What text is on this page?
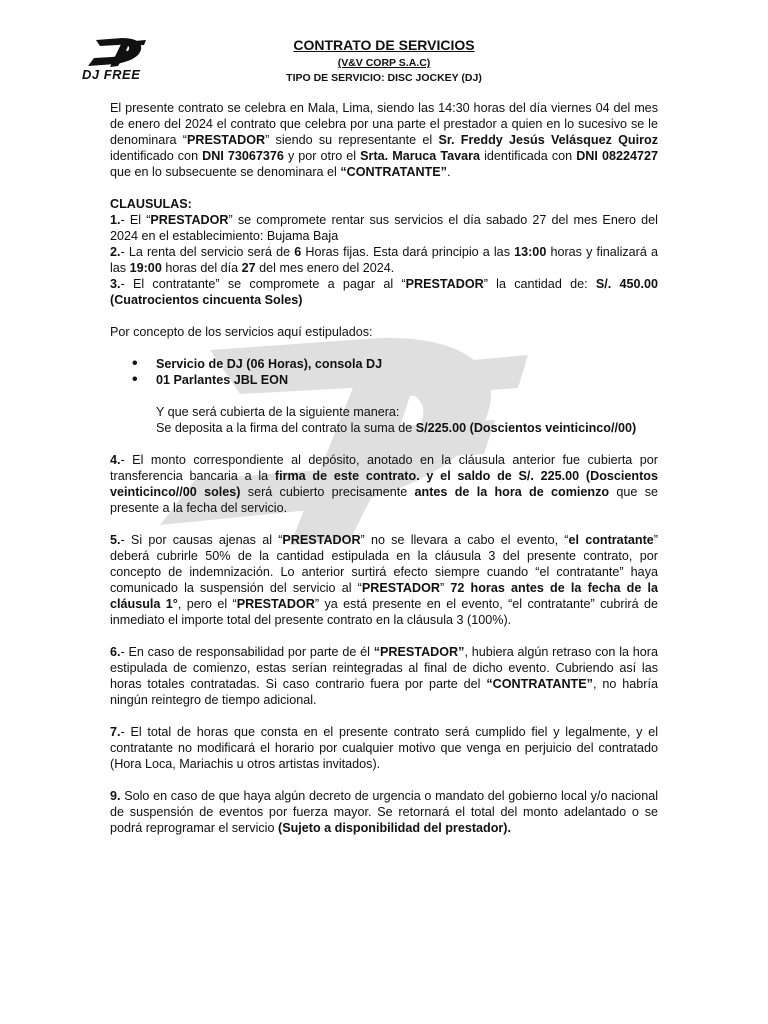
DJ FREE
CONTRATO DE SERVICIOS
(V&V CORP S.A.C)
TIPO DE SERVICIO: DISC JOCKEY (DJ)

El presente contrato se celebra en Mala, Lima, siendo las 14:30 horas del día viernes 04 del mes de enero del 2024 el contrato que celebra por una parte el prestador a quien en lo sucesivo se le denominara “PRESTADOR” siendo su representante el Sr. Freddy Jesús Velásquez Quiroz identificado con DNI 73067376 y por otro el Srta. Maruca Tavara identificada con DNI 08224727 que en lo subsecuente se denominara el “CONTRATANTE”.

CLAUSULAS:

1.- El “PRESTADOR” se compromete rentar sus servicios el día sabado 27 del mes Enero del 2024 en el establecimiento: Bujama Baja

2.- La renta del servicio será de 6 Horas fijas. Esta dará principio a las 13:00 horas y finalizará a las 19:00 horas del día 27 del mes enero del 2024.

3.- El contratante” se compromete a pagar al “PRESTADOR” la cantidad de: S/. 450.00 (Cuatrocientos cincuenta Soles)

Por concepto de los servicios aquí estipulados:

• Servicio de DJ (06 Horas), consola DJ
• 01 Parlantes JBL EON

Y que será cubierta de la siguiente manera:

Se deposita a la firma del contrato la suma de S/225.00 (Doscientos veinticinco//00)

4.- El monto correspondiente al depósito, anotado en la cláusula anterior fue cubierta por transferencia bancaria a la firma de este contrato. y el saldo de S/. 225.00 (Doscientos veinticinco//00 soles) será cubierto precisamente antes de la hora de comienzo que se presente a la fecha del servicio.

5.- Si por causas ajenas al “PRESTADOR” no se llevara a cabo el evento, “el contratante” deberá cubrirle 50% de la cantidad estipulada en la cláusula 3 del presente contrato, por concepto de indemnización. Lo anterior surtirá efecto siempre cuando “el contratante” haya comunicado la suspensión del servicio al “PRESTADOR” 72 horas antes de la fecha de la cláusula 1°, pero el “PRESTADOR” ya está presente en el evento, “el contratante” cubrirá de inmediato el importe total del presente contrato en la cláusula 3 (100%).

6.- En caso de responsabilidad por parte de él “PRESTADOR”, hubiera algún retraso con la hora estipulada de comienzo, estas serían reintegradas al final de dicho evento. Cubriendo así las horas totales contratadas. Si caso contrario fuera por parte del “CONTRATANTE”, no habría ningún reintegro de tiempo adicional.

7.- El total de horas que consta en el presente contrato será cumplido fiel y legalmente, y el contratante no modificará el horario por cualquier motivo que venga en perjuicio del contratado (Hora Loca, Mariachis u otros artistas invitados).

9. Solo en caso de que haya algún decreto de urgencia o mandato del gobierno local y/o nacional de suspensión de eventos por fuerza mayor. Se retornará el total del monto adelantado o se podrá reprogramar el servicio (Sujeto a disponibilidad del prestador).
